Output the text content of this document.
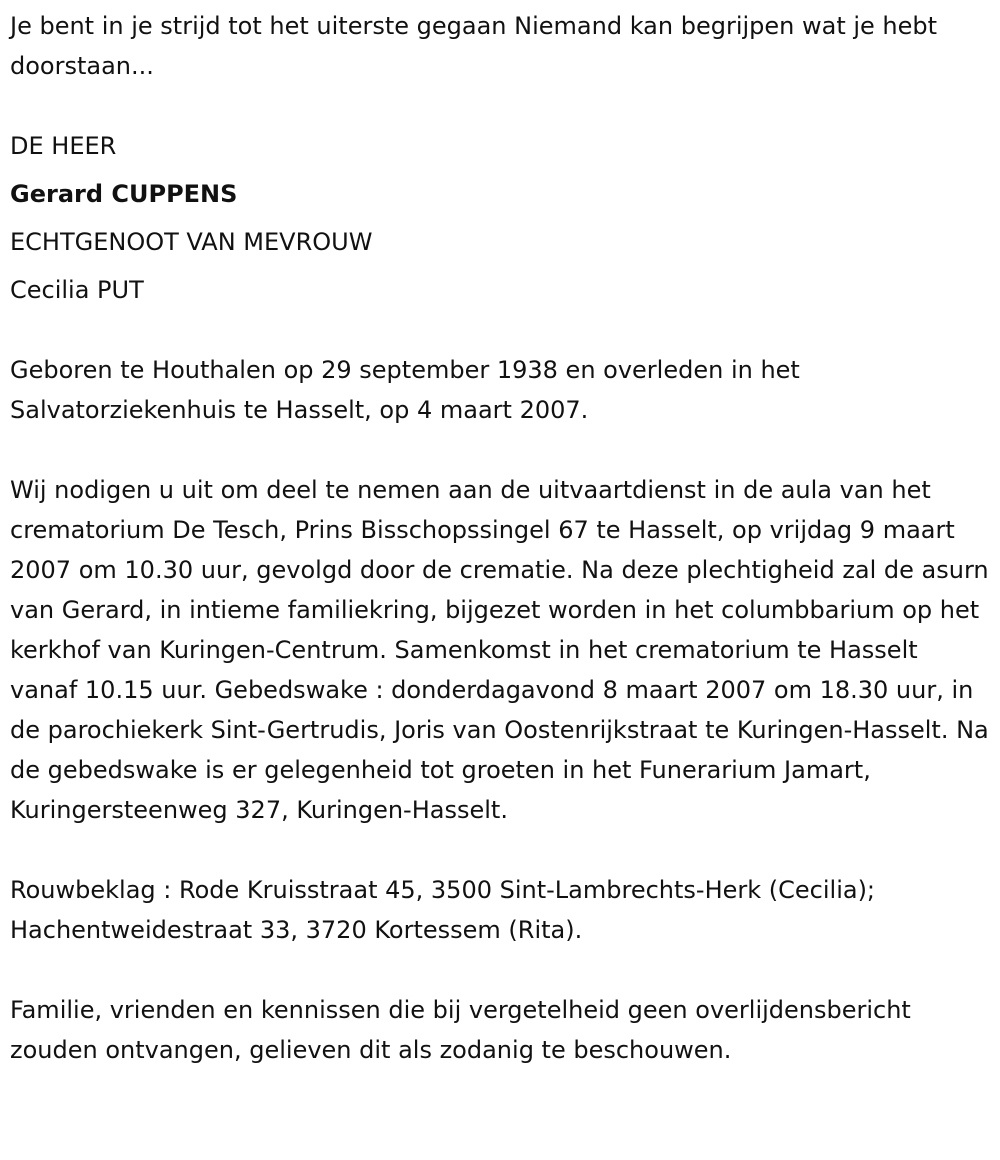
Je bent in je strijd tot het uiterste gegaan Niemand kan begrijpen wat je hebt doorstaan...

DE HEER

Gerard CUPPENS

ECHTGENOOT VAN MEVROUW

Cecilia PUT

Geboren te Houthalen op 29 september 1938 en overleden in het Salvatorziekenhuis te Hasselt, op 4 maart 2007.

Wij nodigen u uit om deel te nemen aan de uitvaartdienst in de aula van het crematorium De Tesch, Prins Bisschopssingel 67 te Hasselt, op vrijdag 9 maart 2007 om 10.30 uur, gevolgd door de crematie. Na deze plechtigheid zal de asurn van Gerard, in intieme familiekring, bijgezet worden in het columbbarium op het kerkhof van Kuringen-Centrum. Samenkomst in het crematorium te Hasselt vanaf 10.15 uur. Gebedswake : donderdagavond 8 maart 2007 om 18.30 uur, in de parochiekerk Sint-Gertrudis, Joris van Oostenrijkstraat te Kuringen-Hasselt. Na de gebedswake is er gelegenheid tot groeten in het Funerarium Jamart, Kuringersteenweg 327, Kuringen-Hasselt.

Rouwbeklag : Rode Kruisstraat 45, 3500 Sint-Lambrechts-Herk (Cecilia); Hachentweidestraat 33, 3720 Kortessem (Rita).

Familie, vrienden en kennissen die bij vergetelheid geen overlijdensbericht zouden ontvangen, gelieven dit als zodanig te beschouwen.
